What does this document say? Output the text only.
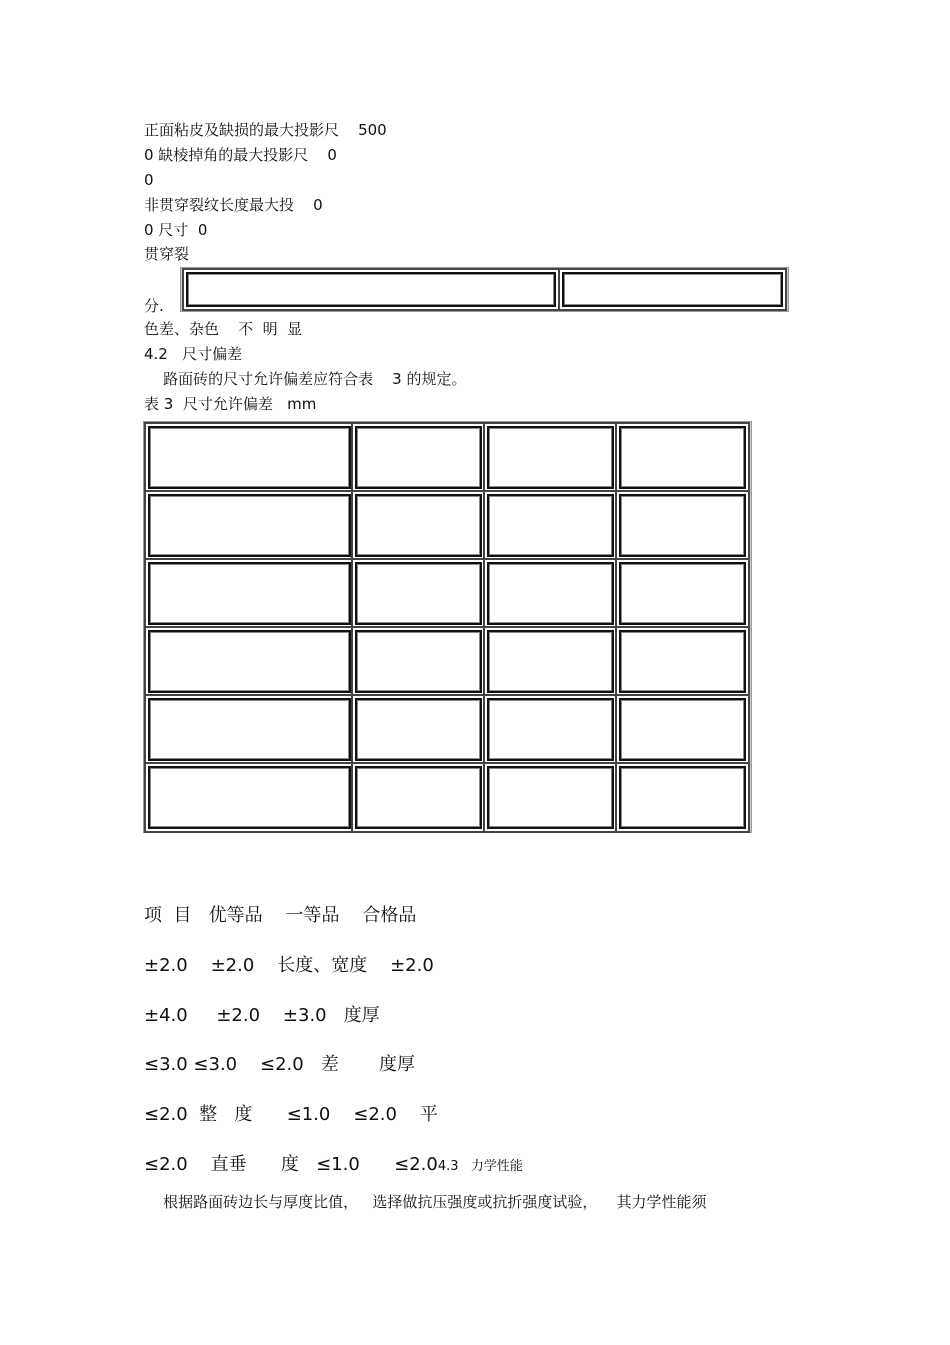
正面粘皮及缺损的最大投影尺    500
0 缺棱掉角的最大投影尺    0
0
非贯穿裂纹长度最大投    0
0 尺寸  0
贯穿裂
分.
色差、杂色    不  明  显
4.2   尺寸偏差
路面砖的尺寸允许偏差应符合表    3 的规定。
表 3  尺寸允许偏差   mm
项  目   优等品    一等品    合格品
±2.0    ±2.0    长度、宽度    ±2.0
±4.0     ±2.0    ±3.0   度厚
≤3.0 ≤3.0    ≤2.0   差       度厚
≤2.0  整   度      ≤1.0    ≤2.0    平
≤2.0    直垂      度   ≤1.0      ≤2.04.3   力学性能
根据路面砖边长与厚度比值，   选择做抗压强度或抗折强度试验，    其力学性能须
